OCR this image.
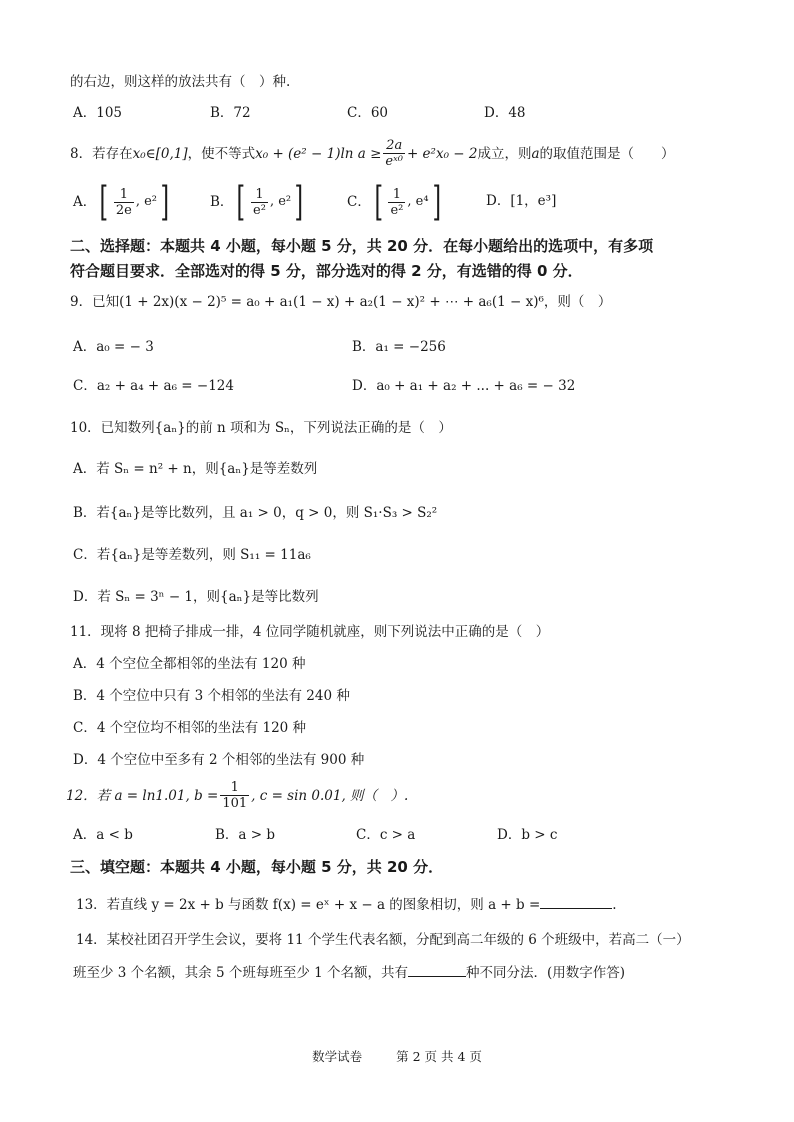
的右边，则这样的放法共有（　）种.
A．105	B．72	C．60	D．48
8． 若存在 x₀∈[0,1] ，使不等式 x₀ + (e² − 1)ln $a \ge \frac{2a}{\text{eˣ⁰}} + e^2x_0 - 2$ 成立，则 a 的取值范围是（　　）
A． [ $\frac{1}{2e}$ , e² ]	B． [ $\frac{1}{\text{e²}}$ , e² ]	C． [ $\frac{1}{\text{e²}}$ , e⁴ ]	D． [1，e³]
二、选择题：本题共 4 小题，每小题 5 分，共 20 分．在每小题给出的选项中，有多项
符合题目要求．全部选对的得 5 分，部分选对的得 2 分，有选错的得 0 分．
9．已知(1 + 2x)(x − 2)⁵ = a₀ + a₁(1 − x) + a₂(1 − x)² + ⋯ + a₆(1 − x)⁶，则（　）
A．a₀ = − 3	B．a₁ = −256
C．a₂ + a₄ + a₆ = −124	D．a₀ + a₁ + a₂ + ... + a₆ = − 32
10．已知数列{aₙ}的前 n 项和为 Sₙ，下列说法正确的是（　）
A．若 Sₙ = n² + n，则{aₙ}是等差数列
B．若{aₙ}是等比数列，且 a₁ > 0，q > 0，则 S₁·S₃ > S₂²
C．若{aₙ}是等差数列，则 S₁₁ = 11a₆
D．若 Sₙ = 3ⁿ − 1，则{aₙ}是等比数列
11．现将 8 把椅子排成一排，4 位同学随机就座，则下列说法中正确的是（　）
A．4 个空位全都相邻的坐法有 120 种
B．4 个空位中只有 3 个相邻的坐法有 240 种
C．4 个空位均不相邻的坐法有 120 种
D．4 个空位中至多有 2 个相邻的坐法有 900 种
12．若 a = ln1.01, $b = \frac{1}{101}$ , c = sin 0.01, 则（　）.
A．a < b	B．a > b	C．c > a	D．b > c
三、填空题：本题共 4 小题，每小题 5 分，共 20 分．
13．若直线 y = 2x + b 与函数 f(x) = eˣ + x − a 的图象相切，则 a + b =	.
14．某校社团召开学生会议，要将 11 个学生代表名额，分配到高二年级的 6 个班级中，若高二（一）
班至少 3 个名额，其余 5 个班每班至少 1 个名额，共有	种不同分法．(用数字作答)
数学试卷	第 2 页 共 4 页
